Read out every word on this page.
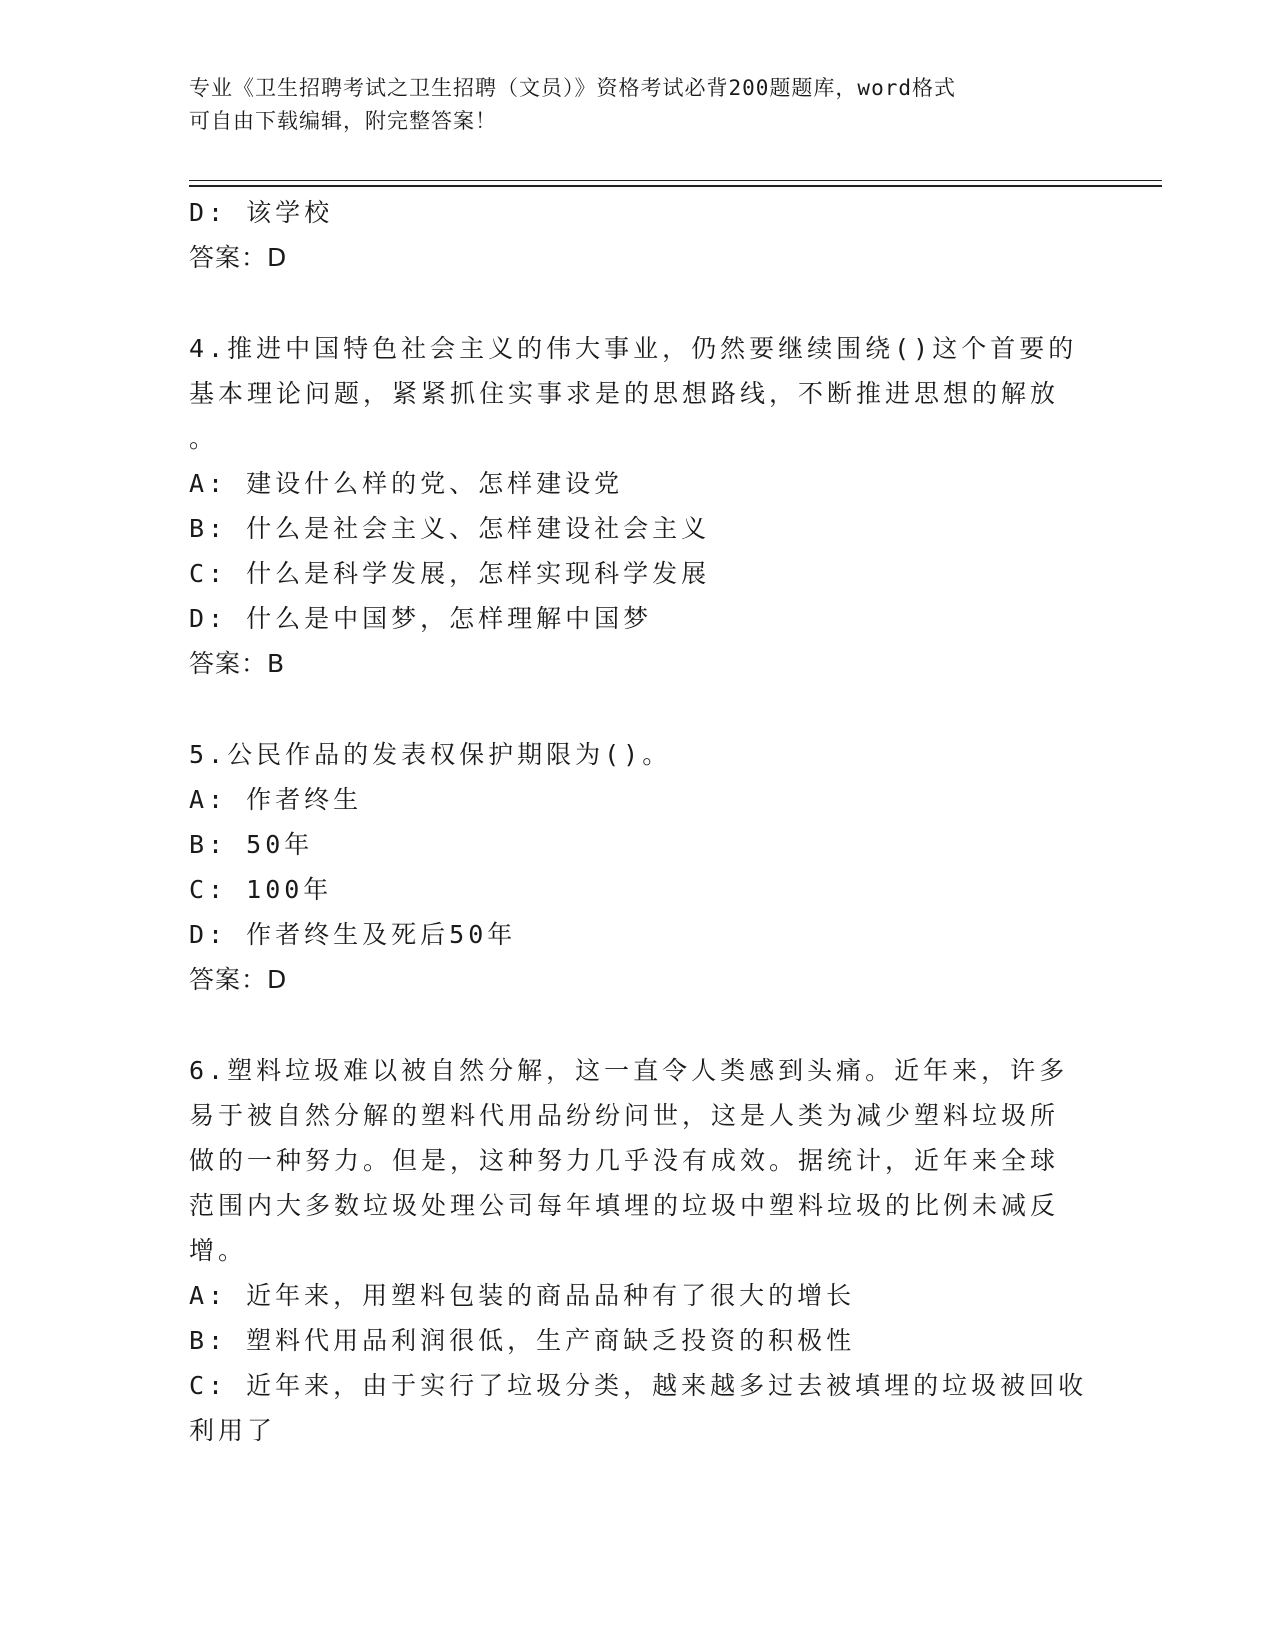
专业《卫生招聘考试之卫生招聘（文员）》资格考试必背200题题库，word格式
可自由下载编辑，附完整答案！
D: 该学校
答案：D
4.推进中国特色社会主义的伟大事业，仍然要继续围绕()这个首要的
基本理论问题，紧紧抓住实事求是的思想路线，不断推进思想的解放
。
A: 建设什么样的党、怎样建设党
B: 什么是社会主义、怎样建设社会主义
C: 什么是科学发展，怎样实现科学发展
D: 什么是中国梦，怎样理解中国梦
答案：B
5.公民作品的发表权保护期限为()。
A: 作者终生
B: 50年
C: 100年
D: 作者终生及死后50年
答案：D
6.塑料垃圾难以被自然分解，这一直令人类感到头痛。近年来，许多
易于被自然分解的塑料代用品纷纷问世，这是人类为减少塑料垃圾所
做的一种努力。但是，这种努力几乎没有成效。据统计，近年来全球
范围内大多数垃圾处理公司每年填埋的垃圾中塑料垃圾的比例未减反
增。
A: 近年来，用塑料包装的商品品种有了很大的增长
B: 塑料代用品利润很低，生产商缺乏投资的积极性
C: 近年来，由于实行了垃圾分类，越来越多过去被填埋的垃圾被回收
利用了
